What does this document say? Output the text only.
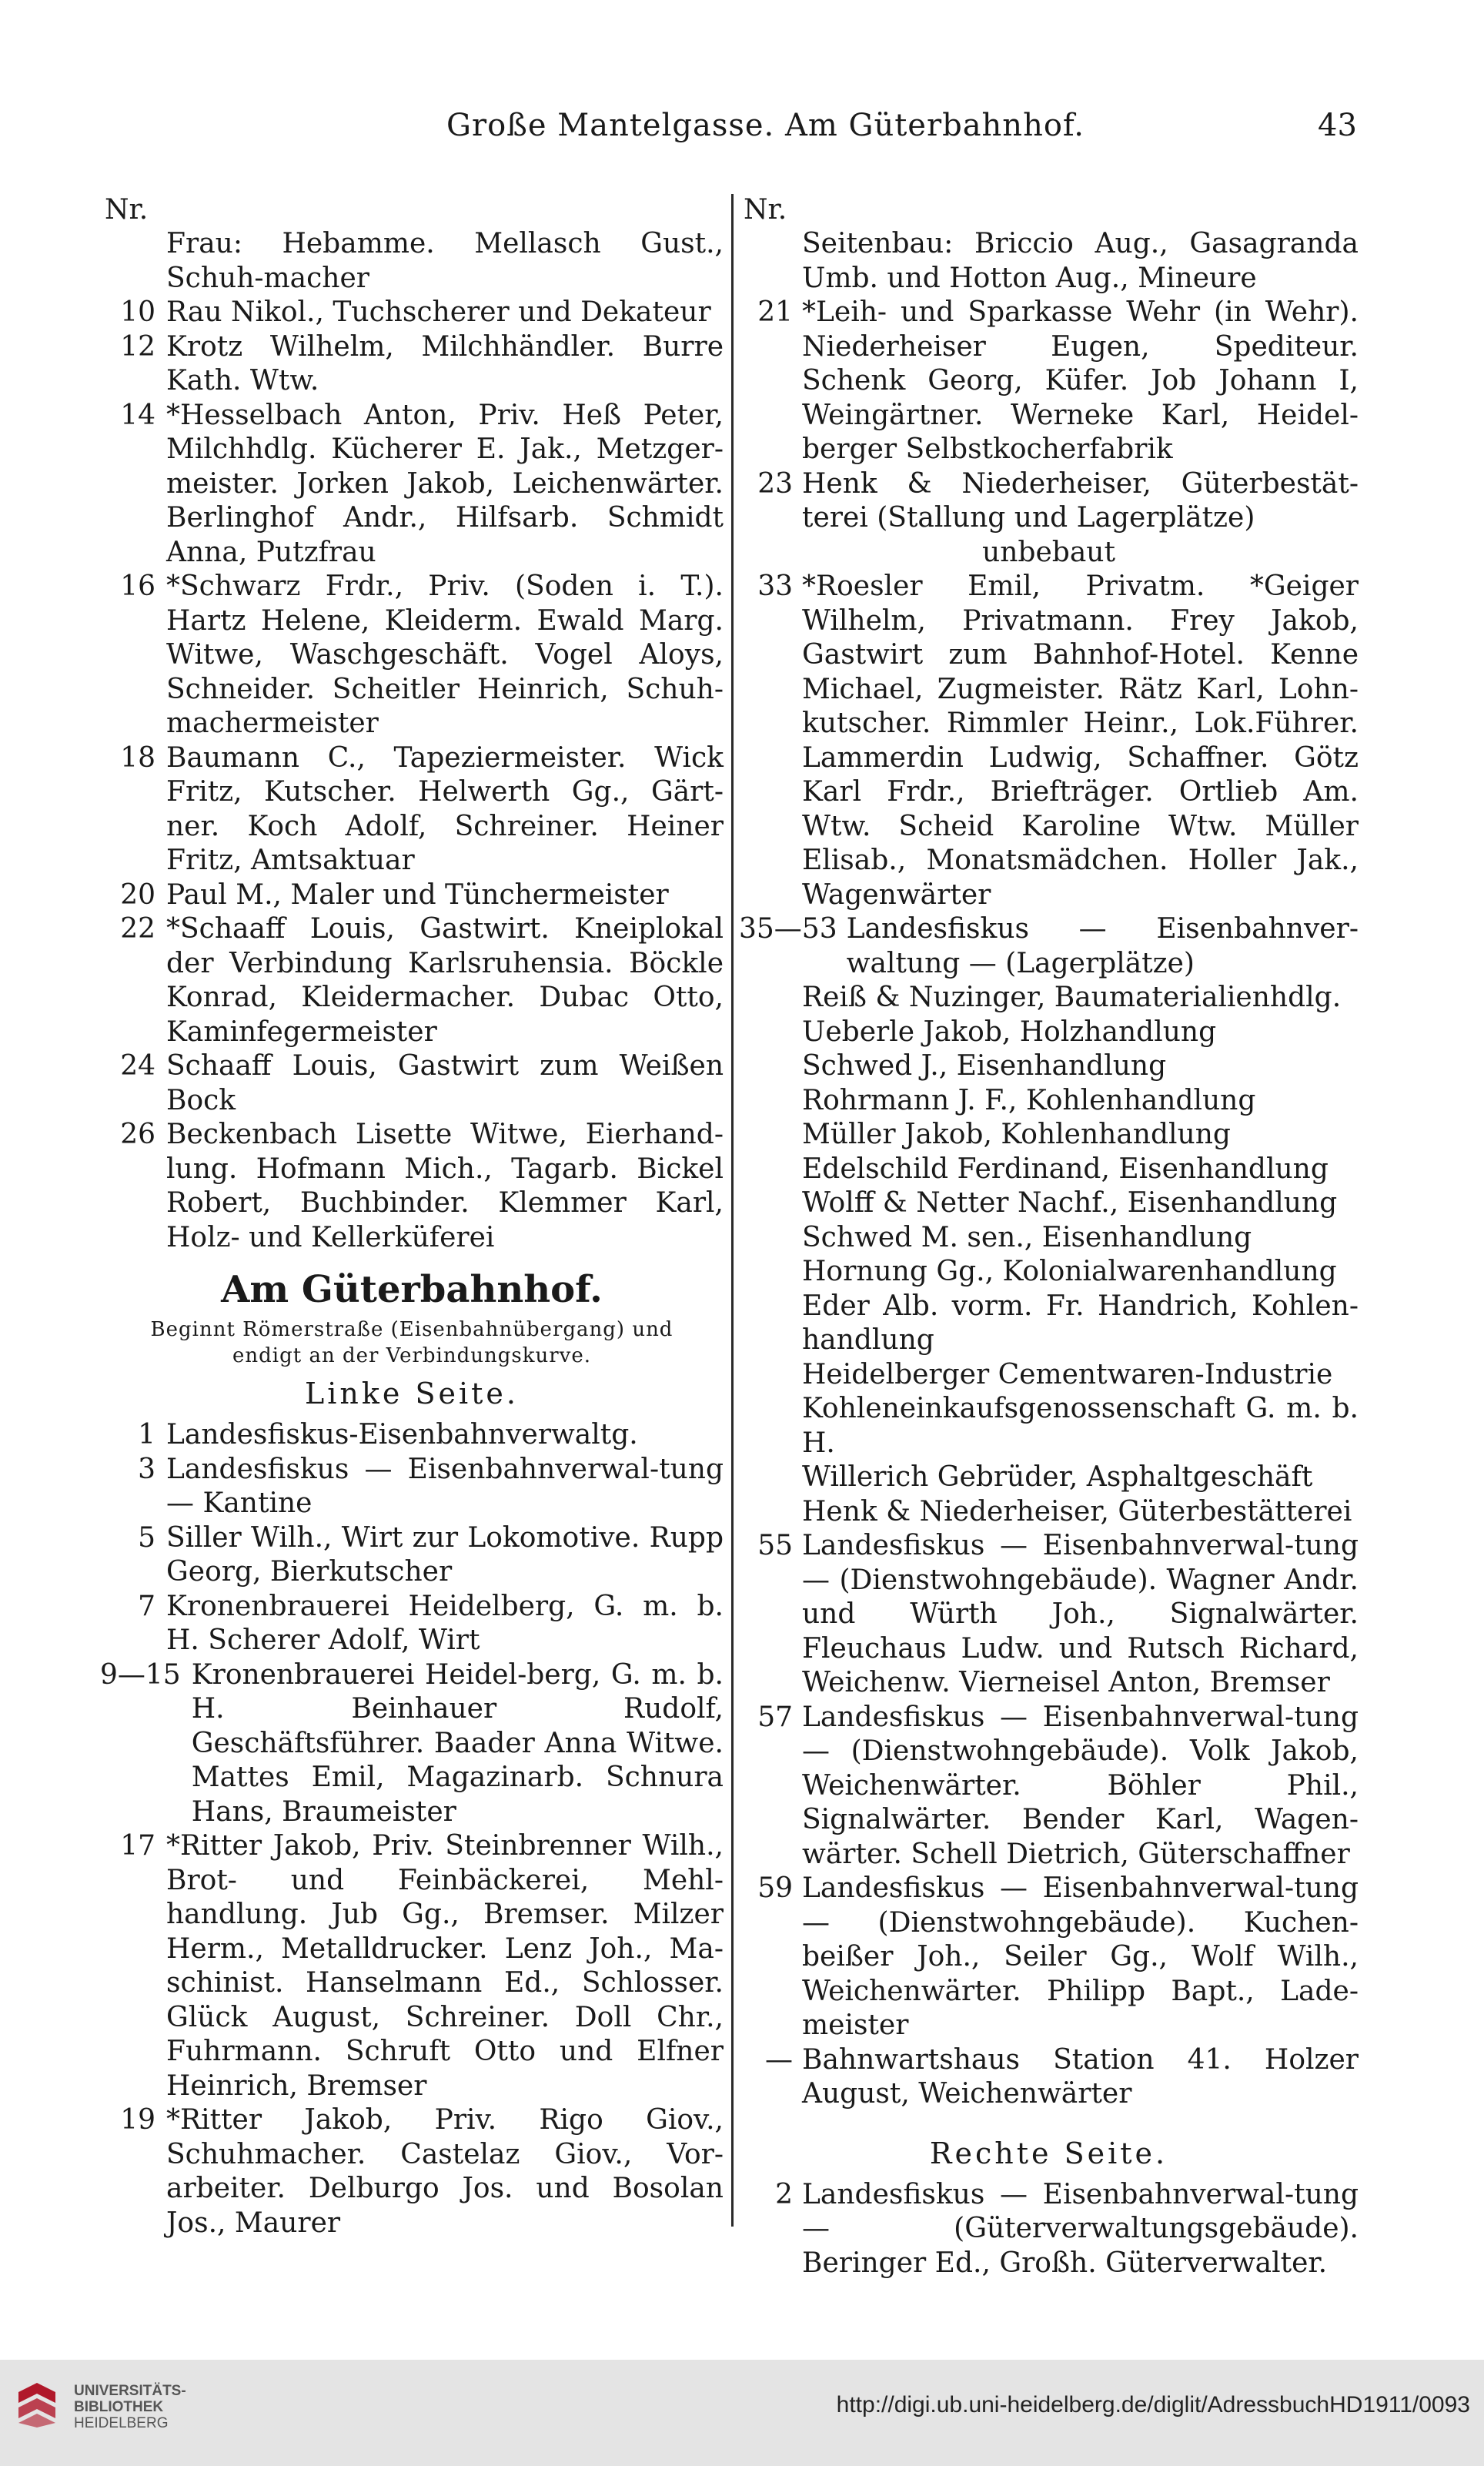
Große Mantelgasse. Am Güterbahnhof.	43
Nr.
Frau: Hebamme. Mellasch Gust., Schuh-macher
10 Rau Nikol., Tuchscherer und Dekateur
12 Krotz Wilhelm, Milchhändler. Burre Kath. Wtw.
14 *Hesselbach Anton, Priv. Heß Peter, Milchhdlg. Kücherer E. Jak., Metzger-meister. Jorken Jakob, Leichenwärter. Berlinghof Andr., Hilfsarb. Schmidt Anna, Putzfrau
16 *Schwarz Frdr., Priv. (Soden i. T.). Hartz Helene, Kleiderm. Ewald Marg. Witwe, Waschgeschäft. Vogel Aloys, Schneider. Scheitler Heinrich, Schuh-machermeister
18 Baumann C., Tapeziermeister. Wick Fritz, Kutscher. Helwerth Gg., Gärt-ner. Koch Adolf, Schreiner. Heiner Fritz, Amtsaktuar
20 Paul M., Maler und Tünchermeister
22 *Schaaff Louis, Gastwirt. Kneiplokal der Verbindung Karlsruhensia. Böckle Konrad, Kleidermacher. Dubac Otto, Kaminfegermeister
24 Schaaff Louis, Gastwirt zum Weißen Bock
26 Beckenbach Lisette Witwe, Eierhand-lung. Hofmann Mich., Tagarb. Bickel Robert, Buchbinder. Klemmer Karl, Holz- und Kellerküferei
Am Güterbahnhof.
Beginnt Römerstraße (Eisenbahnübergang) und endigt an der Verbindungskurve.
Linke Seite.
1 Landesfiskus-Eisenbahnverwaltg.
3 Landesfiskus — Eisenbahnverwal-tung — Kantine
5 Siller Wilh., Wirt zur Lokomotive. Rupp Georg, Bierkutscher
7 Kronenbrauerei Heidelberg, G. m. b. H. Scherer Adolf, Wirt
9—15 Kronenbrauerei Heidel-berg, G. m. b. H. Beinhauer Rudolf, Geschäftsführer. Baader Anna Witwe. Mattes Emil, Magazinarb. Schnura Hans, Braumeister
17 *Ritter Jakob, Priv. Steinbrenner Wilh., Brot- und Feinbäckerei, Mehl-handlung. Jub Gg., Bremser. Milzer Herm., Metalldrucker. Lenz Joh., Ma-schinist. Hanselmann Ed., Schlosser. Glück August, Schreiner. Doll Chr., Fuhrmann. Schruft Otto und Elfner Heinrich, Bremser
19 *Ritter Jakob, Priv. Rigo Giov., Schuhmacher. Castelaz Giov., Vor-arbeiter. Delburgo Jos. und Bosolan Jos., Maurer
Nr.
Seitenbau: Briccio Aug., Gasagranda Umb. und Hotton Aug., Mineure
21 *Leih- und Sparkasse Wehr (in Wehr). Niederheiser Eugen, Spediteur. Schenk Georg, Küfer. Job Johann I, Weingärtner. Werneke Karl, Heidel-berger Selbstkocherfabrik
23 Henk & Niederheiser, Güterbestät-terei (Stallung und Lagerplätze)
unbebaut
33 *Roesler Emil, Privatm. *Geiger Wilhelm, Privatmann. Frey Jakob, Gastwirt zum Bahnhof-Hotel. Kenne Michael, Zugmeister. Rätz Karl, Lohn-kutscher. Rimmler Heinr., Lok.Führer. Lammerdin Ludwig, Schaffner. Götz Karl Frdr., Briefträger. Ortlieb Am. Wtw. Scheid Karoline Wtw. Müller Elisab., Monatsmädchen. Holler Jak., Wagenwärter
35—53 Landesfiskus — Eisenbahnver-waltung — (Lagerplätze)
Reiß & Nuzinger, Baumaterialienhdlg.
Ueberle Jakob, Holzhandlung
Schwed J., Eisenhandlung
Rohrmann J. F., Kohlenhandlung
Müller Jakob, Kohlenhandlung
Edelschild Ferdinand, Eisenhandlung
Wolff & Netter Nachf., Eisenhandlung
Schwed M. sen., Eisenhandlung
Hornung Gg., Kolonialwarenhandlung
Eder Alb. vorm. Fr. Handrich, Kohlen-handlung
Heidelberger Cementwaren-Industrie
Kohleneinkaufsgenossenschaft G. m. b. H.
Willerich Gebrüder, Asphaltgeschäft
Henk & Niederheiser, Güterbestätterei
55 Landesfiskus — Eisenbahnverwal-tung — (Dienstwohngebäude). Wagner Andr. und Würth Joh., Signalwärter. Fleuchaus Ludw. und Rutsch Richard, Weichenw. Vierneisel Anton, Bremser
57 Landesfiskus — Eisenbahnverwal-tung — (Dienstwohngebäude). Volk Jakob, Weichenwärter. Böhler Phil., Signalwärter. Bender Karl, Wagen-wärter. Schell Dietrich, Güterschaffner
59 Landesfiskus — Eisenbahnverwal-tung — (Dienstwohngebäude). Kuchen-beißer Joh., Seiler Gg., Wolf Wilh., Weichenwärter. Philipp Bapt., Lade-meister
— Bahnwartshaus Station 41. Holzer August, Weichenwärter
Rechte Seite.
2 Landesfiskus — Eisenbahnverwal-tung — (Güterverwaltungsgebäude). Beringer Ed., Großh. Güterverwalter.
UNIVERSITÄTS-
BIBLIOTHEK
HEIDELBERG
http://digi.ub.uni-heidelberg.de/diglit/AdressbuchHD1911/0093
